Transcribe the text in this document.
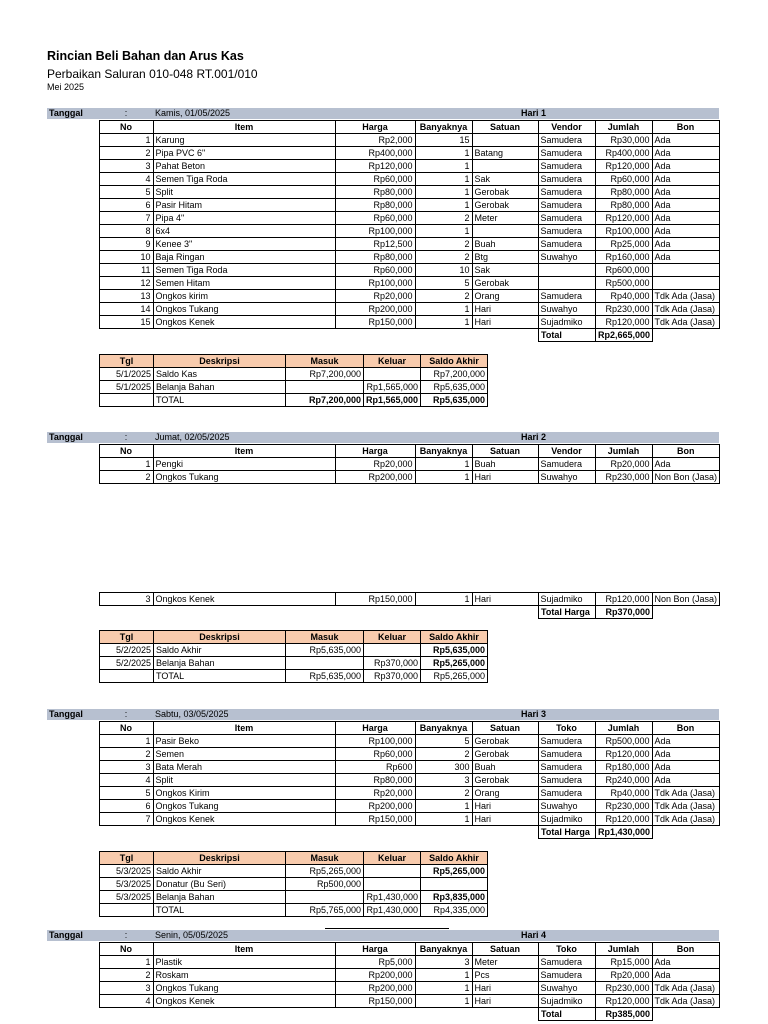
Rincian Beli Bahan dan Arus Kas
Perbaikan Saluran 010-048 RT.001/010
Mei 2025
Tanggal	:	Kamis, 01/05/2025		Hari 1		
	No	Item	Harga	Banyaknya	Satuan	Vendor	Jumlah	Bon
	1	Karung	Rp2,000	15		Samudera	Rp30,000	Ada
	2	Pipa PVC 6"	Rp400,000	1	Batang	Samudera	Rp400,000	Ada
	3	Pahat Beton	Rp120,000	1		Samudera	Rp120,000	Ada
	4	Semen Tiga Roda	Rp60,000	1	Sak	Samudera	Rp60,000	Ada
	5	Split	Rp80,000	1	Gerobak	Samudera	Rp80,000	Ada
	6	Pasir Hitam	Rp80,000	1	Gerobak	Samudera	Rp80,000	Ada
	7	Pipa 4"	Rp60,000	2	Meter	Samudera	Rp120,000	Ada
	8	6x4	Rp100,000	1		Samudera	Rp100,000	Ada
	9	Kenee 3"	Rp12,500	2	Buah	Samudera	Rp25,000	Ada
	10	Baja Ringan	Rp80,000	2	Btg	Suwahyo	Rp160,000	Ada
	11	Semen Tiga Roda	Rp60,000	10	Sak		Rp600,000	
	12	Semen Hitam	Rp100,000	5	Gerobak		Rp500,000	
	13	Ongkos kirim	Rp20,000	2	Orang	Samudera	Rp40,000	Tdk Ada (Jasa)
	14	Ongkos Tukang	Rp200,000	1	Hari	Suwahyo	Rp230,000	Tdk Ada (Jasa)
	15	Ongkos Kenek	Rp150,000	1	Hari	Sujadmiko	Rp120,000	Tdk Ada (Jasa)
Total	Rp2,665,000
Tgl	Deskripsi	Masuk	Keluar	Saldo Akhir
5/1/2025	Saldo Kas	Rp7,200,000		Rp7,200,000
5/1/2025	Belanja Bahan		Rp1,565,000	Rp5,635,000
	TOTAL	Rp7,200,000	Rp1,565,000	Rp5,635,000
Tanggal	:	Jumat, 02/05/2025		Hari 2		
	No	Item	Harga	Banyaknya	Satuan	Vendor	Jumlah	Bon
	1	Pengki	Rp20,000	1	Buah	Samudera	Rp20,000	Ada
	2	Ongkos Tukang	Rp200,000	1	Hari	Suwahyo	Rp230,000	Non Bon (Jasa)
	3	Ongkos Kenek	Rp150,000	1	Hari	Sujadmiko	Rp120,000	Non Bon (Jasa)
Total Harga	Rp370,000
Tgl	Deskripsi	Masuk	Keluar	Saldo Akhir
5/2/2025	Saldo Akhir	Rp5,635,000		Rp5,635,000
5/2/2025	Belanja Bahan		Rp370,000	Rp5,265,000
	TOTAL	Rp5,635,000	Rp370,000	Rp5,265,000
Tanggal	:	Sabtu, 03/05/2025		Hari 3		
	No	Item	Harga	Banyaknya	Satuan	Toko	Jumlah	Bon
	1	Pasir Beko	Rp100,000	5	Gerobak	Samudera	Rp500,000	Ada
	2	Semen	Rp60,000	2	Gerobak	Samudera	Rp120,000	Ada
	3	Bata Merah	Rp600	300	Buah	Samudera	Rp180,000	Ada
	4	Split	Rp80,000	3	Gerobak	Samudera	Rp240,000	Ada
	5	Ongkos Kirim	Rp20,000	2	Orang	Samudera	Rp40,000	Tdk Ada (Jasa)
	6	Ongkos Tukang	Rp200,000	1	Hari	Suwahyo	Rp230,000	Tdk Ada (Jasa)
	7	Ongkos Kenek	Rp150,000	1	Hari	Sujadmiko	Rp120,000	Tdk Ada (Jasa)
Total Harga	Rp1,430,000
Tgl	Deskripsi	Masuk	Keluar	Saldo Akhir
5/3/2025	Saldo Akhir	Rp5,265,000		Rp5,265,000
5/3/2025	Donatur (Bu Seri)	Rp500,000		
5/3/2025	Belanja Bahan		Rp1,430,000	Rp3,835,000
	TOTAL	Rp5,765,000	Rp1,430,000	Rp4,335,000
Tanggal	:	Senin, 05/05/2025		Hari 4		
	No	Item	Harga	Banyaknya	Satuan	Toko	Jumlah	Bon
	1	Plastik	Rp5,000	3	Meter	Samudera	Rp15,000	Ada
	2	Roskam	Rp200,000	1	Pcs	Samudera	Rp20,000	Ada
	3	Ongkos Tukang	Rp200,000	1	Hari	Suwahyo	Rp230,000	Tdk Ada (Jasa)
	4	Ongkos Kenek	Rp150,000	1	Hari	Sujadmiko	Rp120,000	Tdk Ada (Jasa)
Total	Rp385,000
